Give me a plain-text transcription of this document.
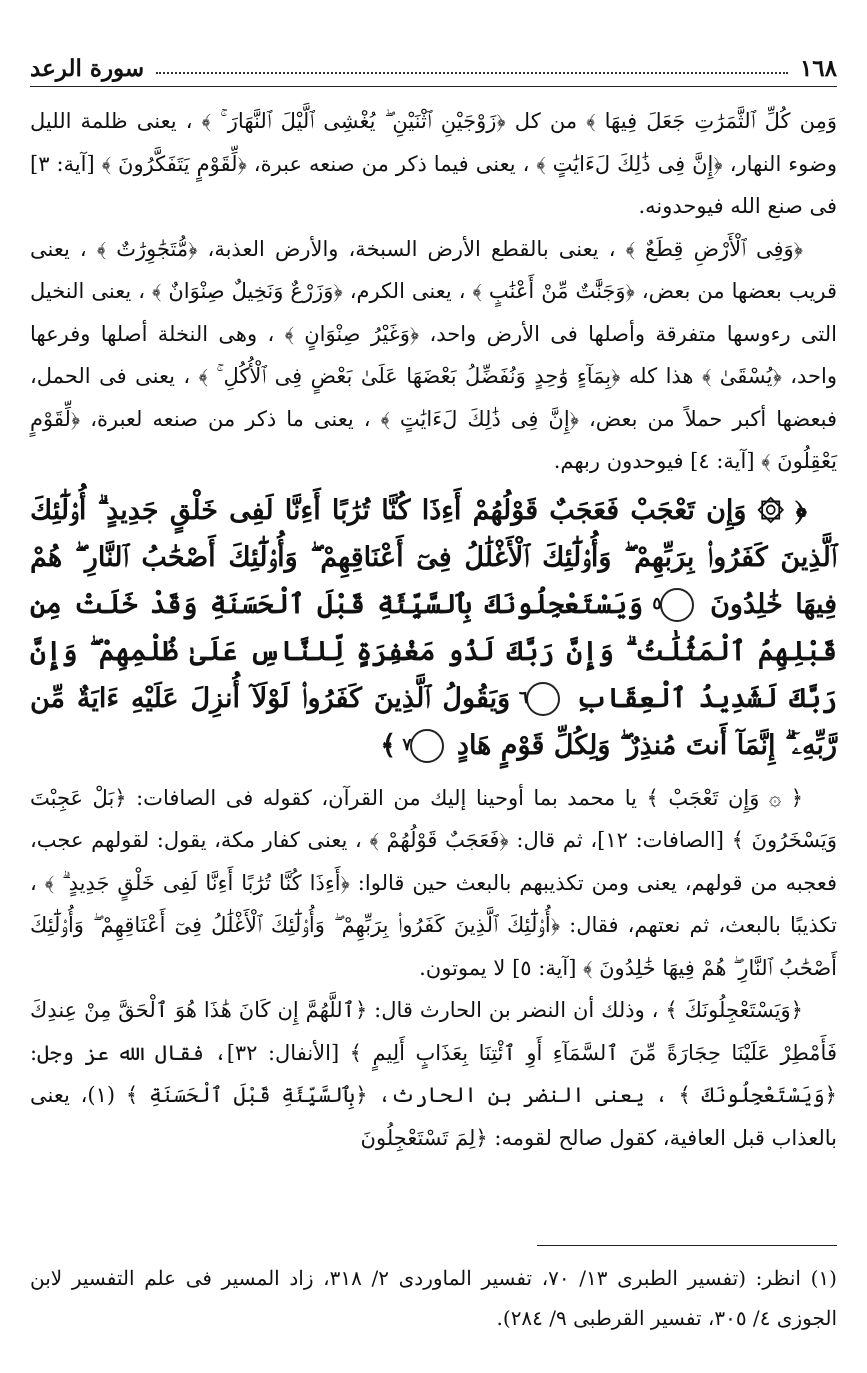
١٦٨
سورة الرعد

وَمِن كُلِّ ٱلثَّمَرَٰتِ جَعَلَ فِيهَا ﴾ من كل ﴿زَوْجَيْنِ ٱثْنَيْنِ ۖ يُغْشِى ٱلَّيْلَ ٱلنَّهَارَ ۚ ﴾ ، يعنى ظلمة الليل وضوء النهار، ﴿إِنَّ فِى ذَٰلِكَ لَءَايَٰتٍ ﴾ ، يعنى فيما ذكر من صنعه عبرة، ﴿لِّقَوْمٍ يَتَفَكَّرُونَ ﴾ [آية: ٣] فى صنع الله فيوحدونه.

﴿وَفِى ٱلْأَرْضِ قِطَعٌ ﴾ ، يعنى بالقطع الأرض السبخة، والأرض العذبة، ﴿مُّتَجَٰوِرَٰتٌ ﴾ ، يعنى قريب بعضها من بعض، ﴿وَجَنَّٰتٌ مِّنْ أَعْنَٰبٍ ﴾ ، يعنى الكرم، ﴿وَزَرْعٌ وَنَخِيلٌ صِنْوَانٌ ﴾ ، يعنى النخيل التى رءوسها متفرقة وأصلها فى الأرض واحد، ﴿وَغَيْرُ صِنْوَانٍ ﴾ ، وهى النخلة أصلها وفرعها واحد، ﴿يُسْقَىٰ ﴾ هذا كله ﴿بِمَآءٍ وَٰحِدٍ وَنُفَضِّلُ بَعْضَهَا عَلَىٰ بَعْضٍ فِى ٱلْأُكُلِ ۚ ﴾ ، يعنى فى الحمل، فبعضها أكبر حملاً من بعض، ﴿إِنَّ فِى ذَٰلِكَ لَءَايَٰتٍ ﴾ ، يعنى ما ذكر من صنعه لعبرة، ﴿لِّقَوْمٍ يَعْقِلُونَ ﴾ [آية: ٤] فيوحدون ربهم.

﴿ ۞ وَإِن تَعْجَبْ فَعَجَبٌ قَوْلُهُمْ أَءِذَا كُنَّا تُرَٰبًا أَءِنَّا لَفِى خَلْقٍ جَدِيدٍ ۗ أُو۟لَٰٓئِكَ ٱلَّذِينَ كَفَرُوا۟ بِرَبِّهِمْ ۖ وَأُو۟لَٰٓئِكَ ٱلْأَغْلَٰلُ فِىٓ أَعْنَاقِهِمْ ۖ وَأُو۟لَٰٓئِكَ أَصْحَٰبُ ٱلنَّارِ ۖ هُمْ فِيهَا خَٰلِدُونَ ٥ وَيَسْتَعْجِلُونَكَ بِٱلسَّيِّئَةِ قَبْلَ ٱلْحَسَنَةِ وَقَدْ خَلَتْ مِن قَبْلِهِمُ ٱلْمَثُلَٰتُ ۗ وَإِنَّ رَبَّكَ لَذُو مَغْفِرَةٍ لِّلنَّاسِ عَلَىٰ ظُلْمِهِمْ ۖ وَإِنَّ رَبَّكَ لَشَدِيدُ ٱلْعِقَابِ ٦ وَيَقُولُ ٱلَّذِينَ كَفَرُوا۟ لَوْلَآ أُنزِلَ عَلَيْهِ ءَايَةٌ مِّن رَّبِّهِۦٓ ۗ إِنَّمَآ أَنتَ مُنذِرٌ ۖ وَلِكُلِّ قَوْمٍ هَادٍ ٧ ﴾

﴿ ۞ وَإِن تَعْجَبْ ﴾ يا محمد بما أوحينا إليك من القرآن، كقوله فى الصافات: ﴿بَلْ عَجِبْتَ وَيَسْخَرُونَ ﴾ [الصافات: ١٢]، ثم قال: ﴿فَعَجَبٌ قَوْلُهُمْ ﴾ ، يعنى كفار مكة، يقول: لقولهم عجب، فعجبه من قولهم، يعنى ومن تكذيبهم بالبعث حين قالوا: ﴿أَءِذَا كُنَّا تُرَٰبًا أَءِنَّا لَفِى خَلْقٍ جَدِيدٍ ۗ ﴾ ، تكذيبًا بالبعث، ثم نعتهم، فقال: ﴿أُو۟لَٰٓئِكَ ٱلَّذِينَ كَفَرُوا۟ بِرَبِّهِمْ ۖ وَأُو۟لَٰٓئِكَ ٱلْأَغْلَٰلُ فِىٓ أَعْنَاقِهِمْ ۖ وَأُو۟لَٰٓئِكَ أَصْحَٰبُ ٱلنَّارِ ۖ هُمْ فِيهَا خَٰلِدُونَ ﴾ [آية: ٥] لا يموتون.

﴿وَيَسْتَعْجِلُونَكَ ﴾ ، وذلك أن النضر بن الحارث قال: ﴿ٱللَّهُمَّ إِن كَانَ هَٰذَا هُوَ ٱلْحَقَّ مِنْ عِندِكَ فَأَمْطِرْ عَلَيْنَا حِجَارَةً مِّنَ ٱلسَّمَآءِ أَوِ ٱئْتِنَا بِعَذَابٍ أَلِيمٍ ﴾ [الأنفال: ٣٢]، فقال الله عز وجل: ﴿وَيَسْتَعْجِلُونَكَ ﴾ ، يعنى النضر بن الحارث، ﴿بِٱلسَّيِّئَةِ قَبْلَ ٱلْحَسَنَةِ ﴾ (١)، يعنى بالعذاب قبل العافية، كقول صالح لقومه: ﴿لِمَ تَسْتَعْجِلُونَ

(١) انظر: (تفسير الطبرى ١٣/ ٧٠، تفسير الماوردى ٢/ ٣١٨، زاد المسير فى علم التفسير لابن الجوزى ٤/ ٣٠٥، تفسير القرطبى ٩/ ٢٨٤).
